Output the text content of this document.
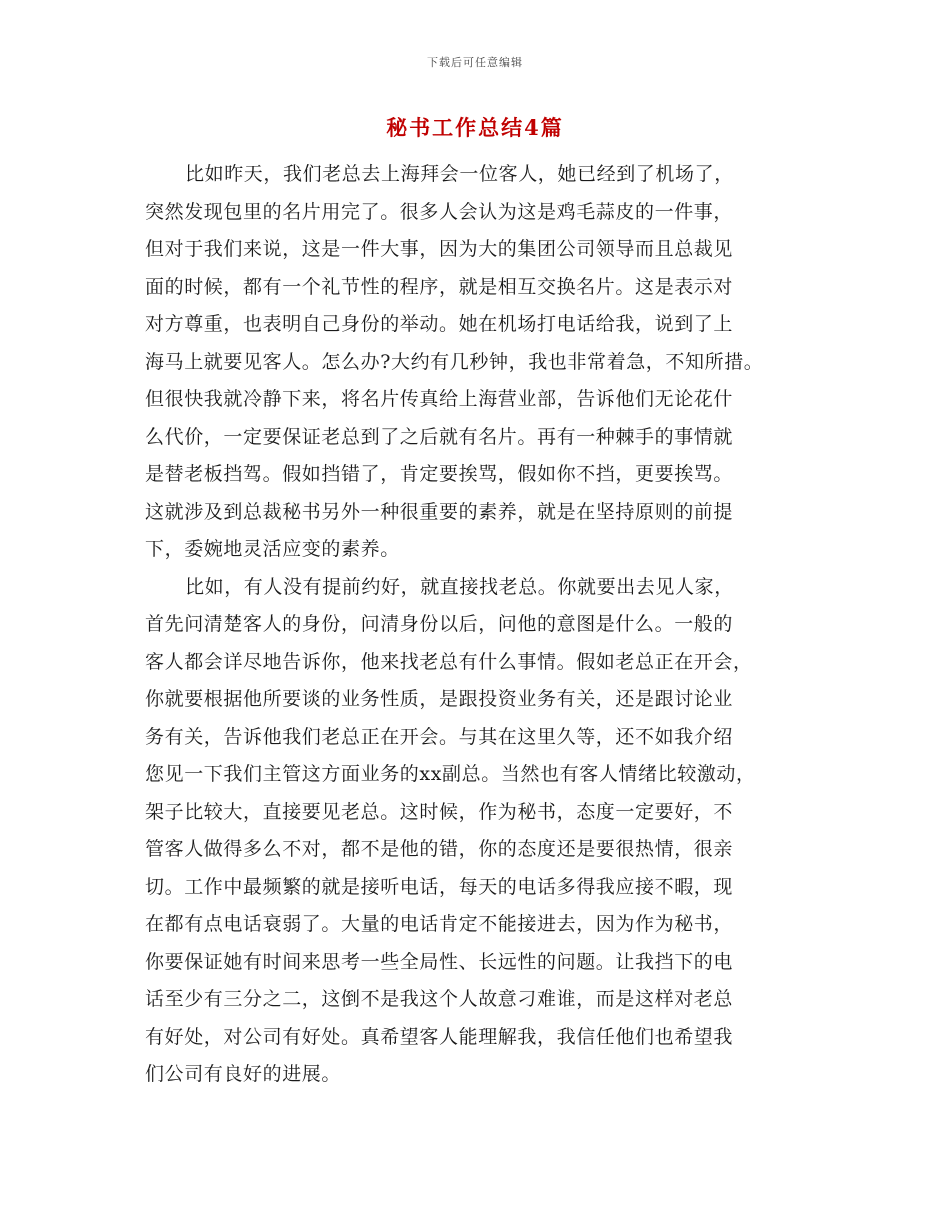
下载后可任意编辑
秘书工作总结4篇
比如昨天，我们老总去上海拜会一位客人，她已经到了机场了，
突然发现包里的名片用完了。很多人会认为这是鸡毛蒜皮的一件事，
但对于我们来说，这是一件大事，因为大的集团公司领导而且总裁见
面的时候，都有一个礼节性的程序，就是相互交换名片。这是表示对
对方尊重，也表明自己身份的举动。她在机场打电话给我，说到了上
海马上就要见客人。怎么办?大约有几秒钟，我也非常着急，不知所措。
但很快我就冷静下来，将名片传真给上海营业部，告诉他们无论花什
么代价，一定要保证老总到了之后就有名片。再有一种棘手的事情就
是替老板挡驾。假如挡错了，肯定要挨骂，假如你不挡，更要挨骂。
这就涉及到总裁秘书另外一种很重要的素养，就是在坚持原则的前提
下，委婉地灵活应变的素养。
比如，有人没有提前约好，就直接找老总。你就要出去见人家，
首先问清楚客人的身份，问清身份以后，问他的意图是什么。一般的
客人都会详尽地告诉你，他来找老总有什么事情。假如老总正在开会，
你就要根据他所要谈的业务性质，是跟投资业务有关，还是跟讨论业
务有关，告诉他我们老总正在开会。与其在这里久等，还不如我介绍
您见一下我们主管这方面业务的xx副总。当然也有客人情绪比较激动，
架子比较大，直接要见老总。这时候，作为秘书，态度一定要好，不
管客人做得多么不对，都不是他的错，你的态度还是要很热情，很亲
切。工作中最频繁的就是接听电话，每天的电话多得我应接不暇，现
在都有点电话衰弱了。大量的电话肯定不能接进去，因为作为秘书，
你要保证她有时间来思考一些全局性、长远性的问题。让我挡下的电
话至少有三分之二，这倒不是我这个人故意刁难谁，而是这样对老总
有好处，对公司有好处。真希望客人能理解我，我信任他们也希望我
们公司有良好的进展。
